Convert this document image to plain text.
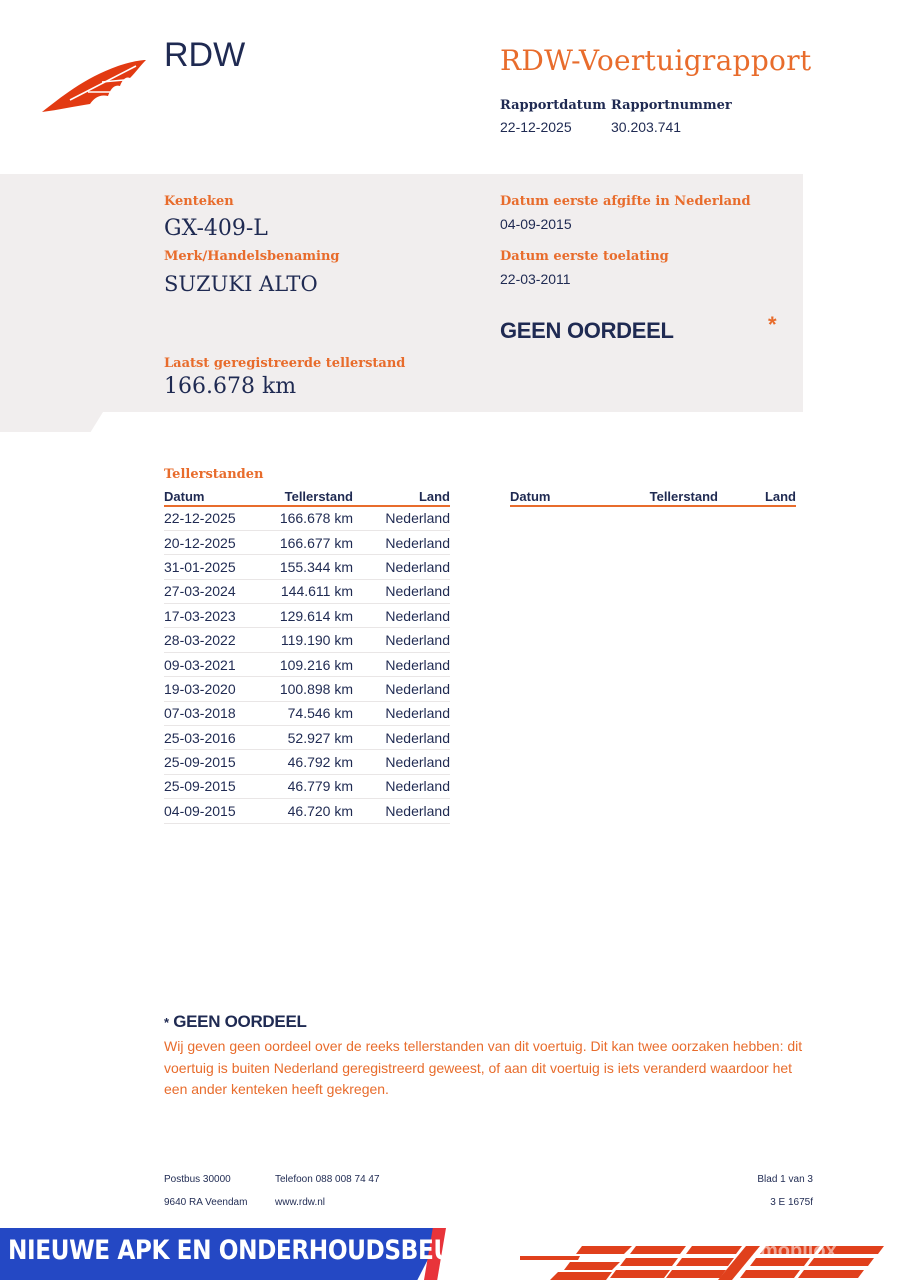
RDW	RDW-Voertuigrapport
Rapportdatum
22-12-2025
Rapportnummer
30.203.741
Kenteken
GX-409-L
Merk/Handelsbenaming
SUZUKI ALTO
Laatst geregistreerde tellerstand
166.678 km
Datum eerste afgifte in Nederland
04-09-2015
Datum eerste toelating
22-03-2011
GEEN OORDEEL	*
Tellerstanden
Datum	Tellerstand	Land
22-12-2025	166.678 km	Nederland
20-12-2025	166.677 km	Nederland
31-01-2025	155.344 km	Nederland
27-03-2024	144.611 km	Nederland
17-03-2023	129.614 km	Nederland
28-03-2022	119.190 km	Nederland
09-03-2021	109.216 km	Nederland
19-03-2020	100.898 km	Nederland
07-03-2018	74.546 km	Nederland
25-03-2016	52.927 km	Nederland
25-09-2015	46.792 km	Nederland
25-09-2015	46.779 km	Nederland
04-09-2015	46.720 km	Nederland
Datum	Tellerstand	Land
* GEEN OORDEEL
Wij geven geen oordeel over de reeks tellerstanden van dit voertuig. Dit kan twee oorzaken hebben: dit voertuig is buiten Nederland geregistreerd geweest, of aan dit voertuig is iets veranderd waardoor het een ander kenteken heeft gekregen.
Postbus 30000
9640 RA Veendam
Telefoon 088 008 74 47
www.rdw.nl
Blad 1 van 3
3 E 1675f
NIEUWE APK EN ONDERHOUDSBEURT	mobilox
